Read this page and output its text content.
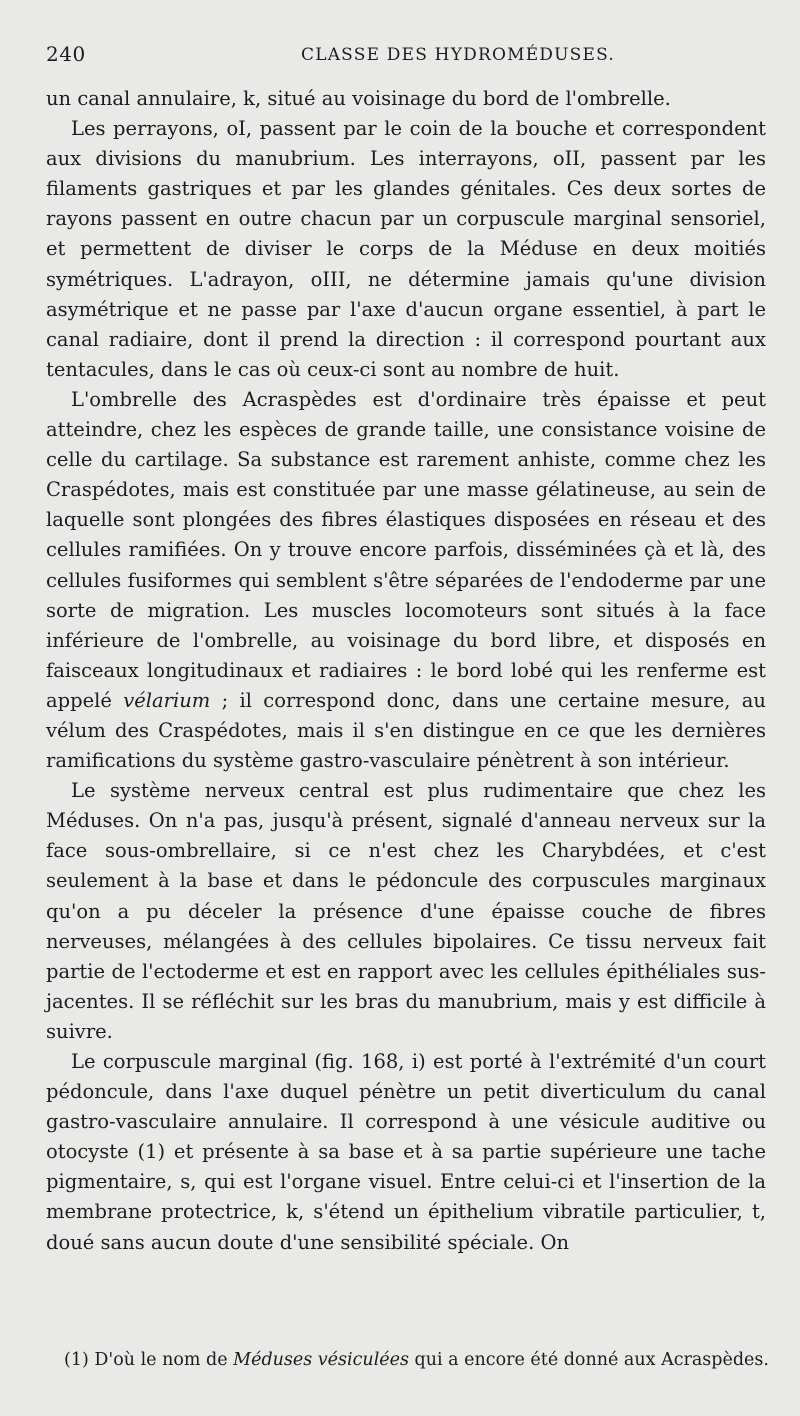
240	CLASSE DES HYDROMÉDUSES.

un canal annulaire, k, situé au voisinage du bord de l'ombrelle.

Les perrayons, oI, passent par le coin de la bouche et correspondent aux divisions du manubrium. Les interrayons, oII, passent par les filaments gastriques et par les glandes génitales. Ces deux sortes de rayons passent en outre chacun par un corpuscule marginal sensoriel, et permettent de diviser le corps de la Méduse en deux moitiés symétriques. L'adrayon, oIII, ne détermine jamais qu'une division asymétrique et ne passe par l'axe d'aucun organe essentiel, à part le canal radiaire, dont il prend la direction : il correspond pourtant aux tentacules, dans le cas où ceux-ci sont au nombre de huit.

L'ombrelle des Acraspèdes est d'ordinaire très épaisse et peut atteindre, chez les espèces de grande taille, une consistance voisine de celle du cartilage. Sa substance est rarement anhiste, comme chez les Craspédotes, mais est constituée par une masse gélatineuse, au sein de laquelle sont plongées des fibres élastiques disposées en réseau et des cellules ramifiées. On y trouve encore parfois, disséminées çà et là, des cellules fusiformes qui semblent s'être séparées de l'endoderme par une sorte de migration. Les muscles locomoteurs sont situés à la face inférieure de l'ombrelle, au voisinage du bord libre, et disposés en faisceaux longitudinaux et radiaires : le bord lobé qui les renferme est appelé vélarium ; il correspond donc, dans une certaine mesure, au vélum des Craspédotes, mais il s'en distingue en ce que les dernières ramifications du système gastro-vasculaire pénètrent à son intérieur.

Le système nerveux central est plus rudimentaire que chez les Méduses. On n'a pas, jusqu'à présent, signalé d'anneau nerveux sur la face sous-ombrellaire, si ce n'est chez les Charybdées, et c'est seulement à la base et dans le pédoncule des corpuscules marginaux qu'on a pu déceler la présence d'une épaisse couche de fibres nerveuses, mélangées à des cellules bipolaires. Ce tissu nerveux fait partie de l'ectoderme et est en rapport avec les cellules épithéliales sus-jacentes. Il se réfléchit sur les bras du manubrium, mais y est difficile à suivre.

Le corpuscule marginal (fig. 168, i) est porté à l'extrémité d'un court pédoncule, dans l'axe duquel pénètre un petit diverticulum du canal gastro-vasculaire annulaire. Il correspond à une vésicule auditive ou otocyste (1) et présente à sa base et à sa partie supérieure une tache pigmentaire, s, qui est l'organe visuel. Entre celui-ci et l'insertion de la membrane protectrice, k, s'étend un épithelium vibratile particulier, t, doué sans aucun doute d'une sensibilité spéciale. On

(1) D'où le nom de Méduses vésiculées qui a encore été donné aux Acraspèdes.
